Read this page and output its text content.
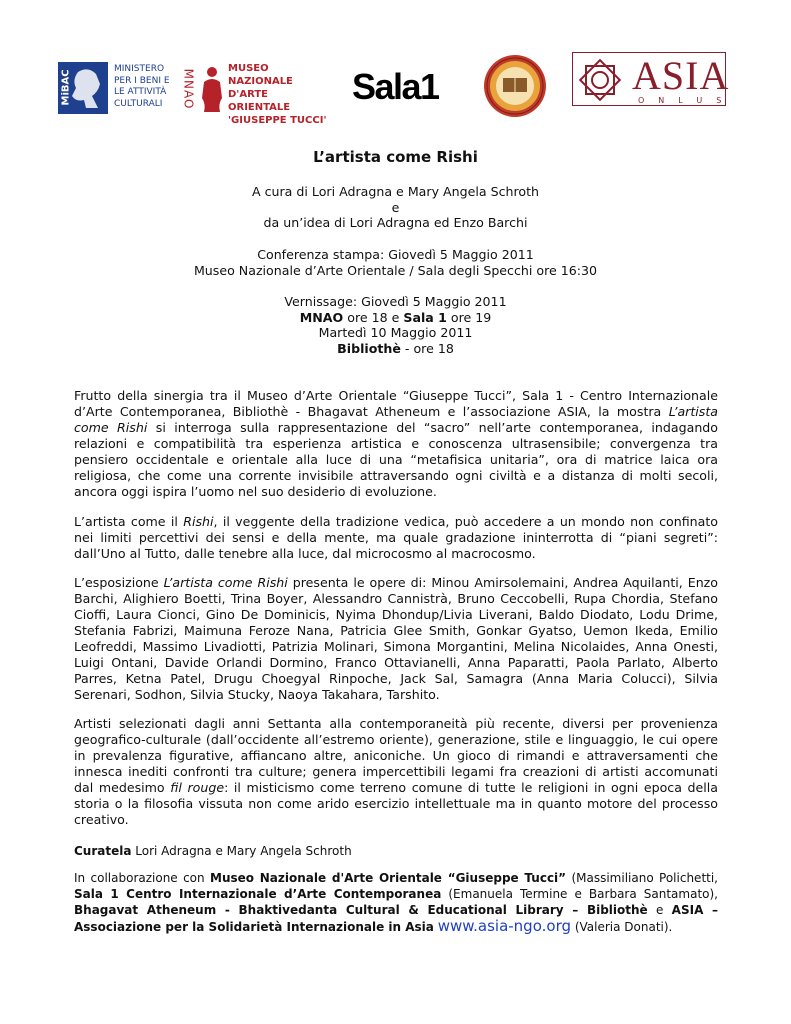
MiBAC
MINISTERO
PER I BENI E
LE ATTIVITÀ
CULTURALI	MNAO
MUSEO NAZIONALE
D'ARTE ORIENTALE
'GIUSEPPE TUCCI'
Sala1	ASIA
ONLUS
L’artista come Rishi
A cura di Lori Adragna e Mary Angela Schroth
e
da un’idea di Lori Adragna ed Enzo Barchi
Conferenza stampa: Giovedì 5 Maggio 2011
Museo Nazionale d’Arte Orientale / Sala degli Specchi ore 16:30
Vernissage: Giovedì 5 Maggio 2011
MNAO ore 18 e Sala 1 ore 19
Martedì 10 Maggio 2011
Bibliothè - ore 18

Frutto della sinergia tra il Museo d’Arte Orientale “Giuseppe Tucci”, Sala 1 - Centro Internazionale d’Arte Contemporanea, Bibliothè - Bhagavat Atheneum e l’associazione ASIA, la mostra L’artista come Rishi si interroga sulla rappresentazione del “sacro” nell’arte contemporanea, indagando relazioni e compatibilità tra esperienza artistica e conoscenza ultrasensibile; convergenza tra pensiero occidentale e orientale alla luce di una “metafisica unitaria”, ora di matrice laica ora religiosa, che come una corrente invisibile attraversando ogni civiltà e a distanza di molti secoli, ancora oggi ispira l’uomo nel suo desiderio di evoluzione.

L’artista come il Rishi, il veggente della tradizione vedica, può accedere a un mondo non confinato nei limiti percettivi dei sensi e della mente, ma quale gradazione ininterrotta di “piani segreti”: dall’Uno al Tutto, dalle tenebre alla luce, dal microcosmo al macrocosmo.

L’esposizione L’artista come Rishi presenta le opere di: Minou Amirsolemaini, Andrea Aquilanti, Enzo Barchi, Alighiero Boetti, Trina Boyer, Alessandro Cannistrà, Bruno Ceccobelli, Rupa Chordia, Stefano Cioffi, Laura Cionci, Gino De Dominicis, Nyima Dhondup/Livia Liverani, Baldo Diodato, Lodu Drime, Stefania Fabrizi, Maimuna Feroze Nana, Patricia Glee Smith, Gonkar Gyatso, Uemon Ikeda, Emilio Leofreddi, Massimo Livadiotti, Patrizia Molinari, Simona Morgantini, Melina Nicolaides, Anna Onesti, Luigi Ontani, Davide Orlandi Dormino, Franco Ottavianelli, Anna Paparatti, Paola Parlato, Alberto Parres, Ketna Patel, Drugu Choegyal Rinpoche, Jack Sal, Samagra (Anna Maria Colucci), Silvia Serenari, Sodhon, Silvia Stucky, Naoya Takahara, Tarshito.

Artisti selezionati dagli anni Settanta alla contemporaneità più recente, diversi per provenienza geografico-culturale (dall’occidente all’estremo oriente), generazione, stile e linguaggio, le cui opere in prevalenza figurative, affiancano altre, aniconiche. Un gioco di rimandi e attraversamenti che innesca inediti confronti tra culture; genera impercettibili legami fra creazioni di artisti accomunati dal medesimo fil rouge: il misticismo come terreno comune di tutte le religioni in ogni epoca della storia o la filosofia vissuta non come arido esercizio intellettuale ma in quanto motore del processo creativo.

Curatela Lori Adragna e Mary Angela Schroth
In collaborazione con Museo Nazionale d'Arte Orientale “Giuseppe Tucci” (Massimiliano Polichetti, Sala 1 Centro Internazionale d’Arte Contemporanea (Emanuela Termine e Barbara Santamato), Bhagavat Atheneum - Bhaktivedanta Cultural & Educational Library – Bibliothè e ASIA – Associazione per la Solidarietà Internazionale in Asia www.asia-ngo.org (Valeria Donati).
